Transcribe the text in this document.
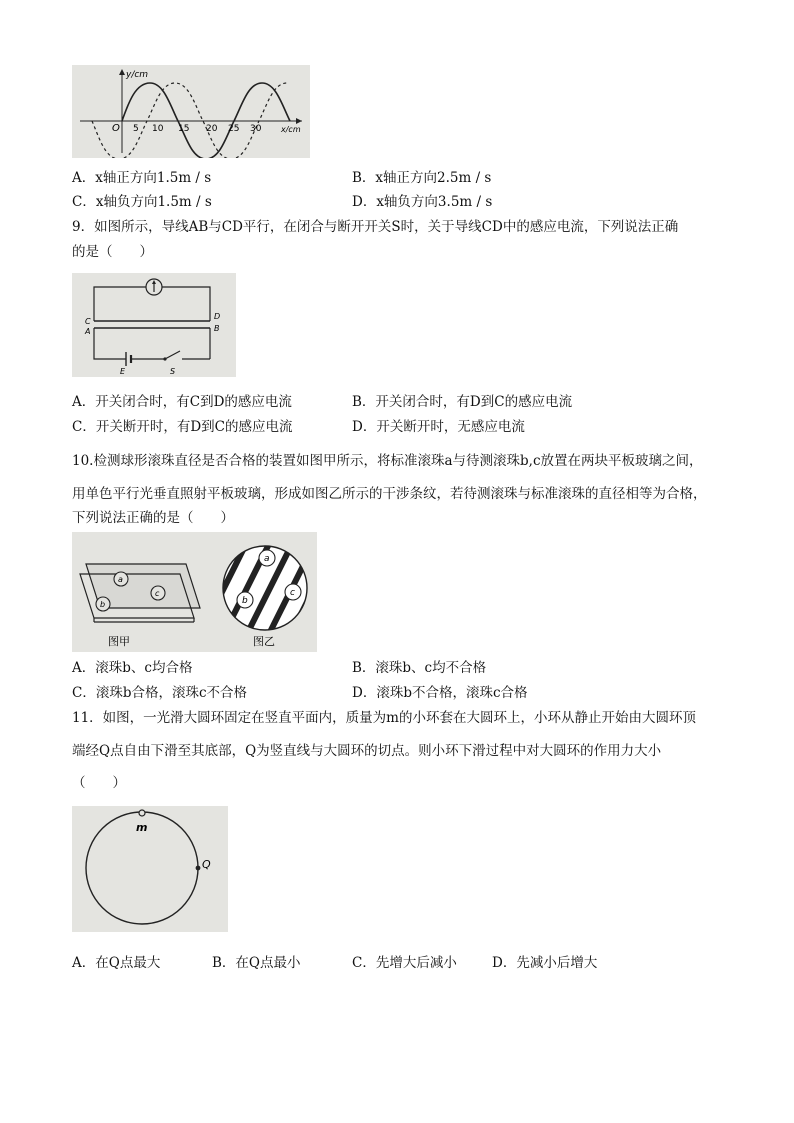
y/cm
x/cm
O 5 10 15 20 25 30
A．x轴正方向1.5m / s	B．x轴正方向2.5m / s
C．x轴负方向1.5m / s	D．x轴负方向3.5m / s
9．如图所示，导线AB与CD平行，在闭合与断开开关S时，关于导线CD中的感应电流，下列说法正确
的是（　　）
C
A
D
B
E	S
A．开关闭合时，有C到D的感应电流	B．开关闭合时，有D到C的感应电流
C．开关断开时，有D到C的感应电流	D．开关断开时，无感应电流
10.检测球形滚珠直径是否合格的装置如图甲所示，将标准滚珠a与待测滚珠b,c放置在两块平板玻璃之间，
用单色平行光垂直照射平板玻璃，形成如图乙所示的干涉条纹，若待测滚珠与标准滚珠的直径相等为合格，
下列说法正确的是（　　）
a
b
c
图甲
a
b
c
图乙
A．滚珠b、c均合格	B．滚珠b、c均不合格
C．滚珠b合格，滚珠c不合格	D．滚珠b不合格，滚珠c合格
11．如图，一光滑大圆环固定在竖直平面内，质量为m的小环套在大圆环上，小环从静止开始由大圆环顶
端经Q点自由下滑至其底部，Q为竖直线与大圆环的切点。则小环下滑过程中对大圆环的作用力大小
（　　）
m
Q
A．在Q点最大	B．在Q点最小	C．先增大后减小	D．先减小后增大
